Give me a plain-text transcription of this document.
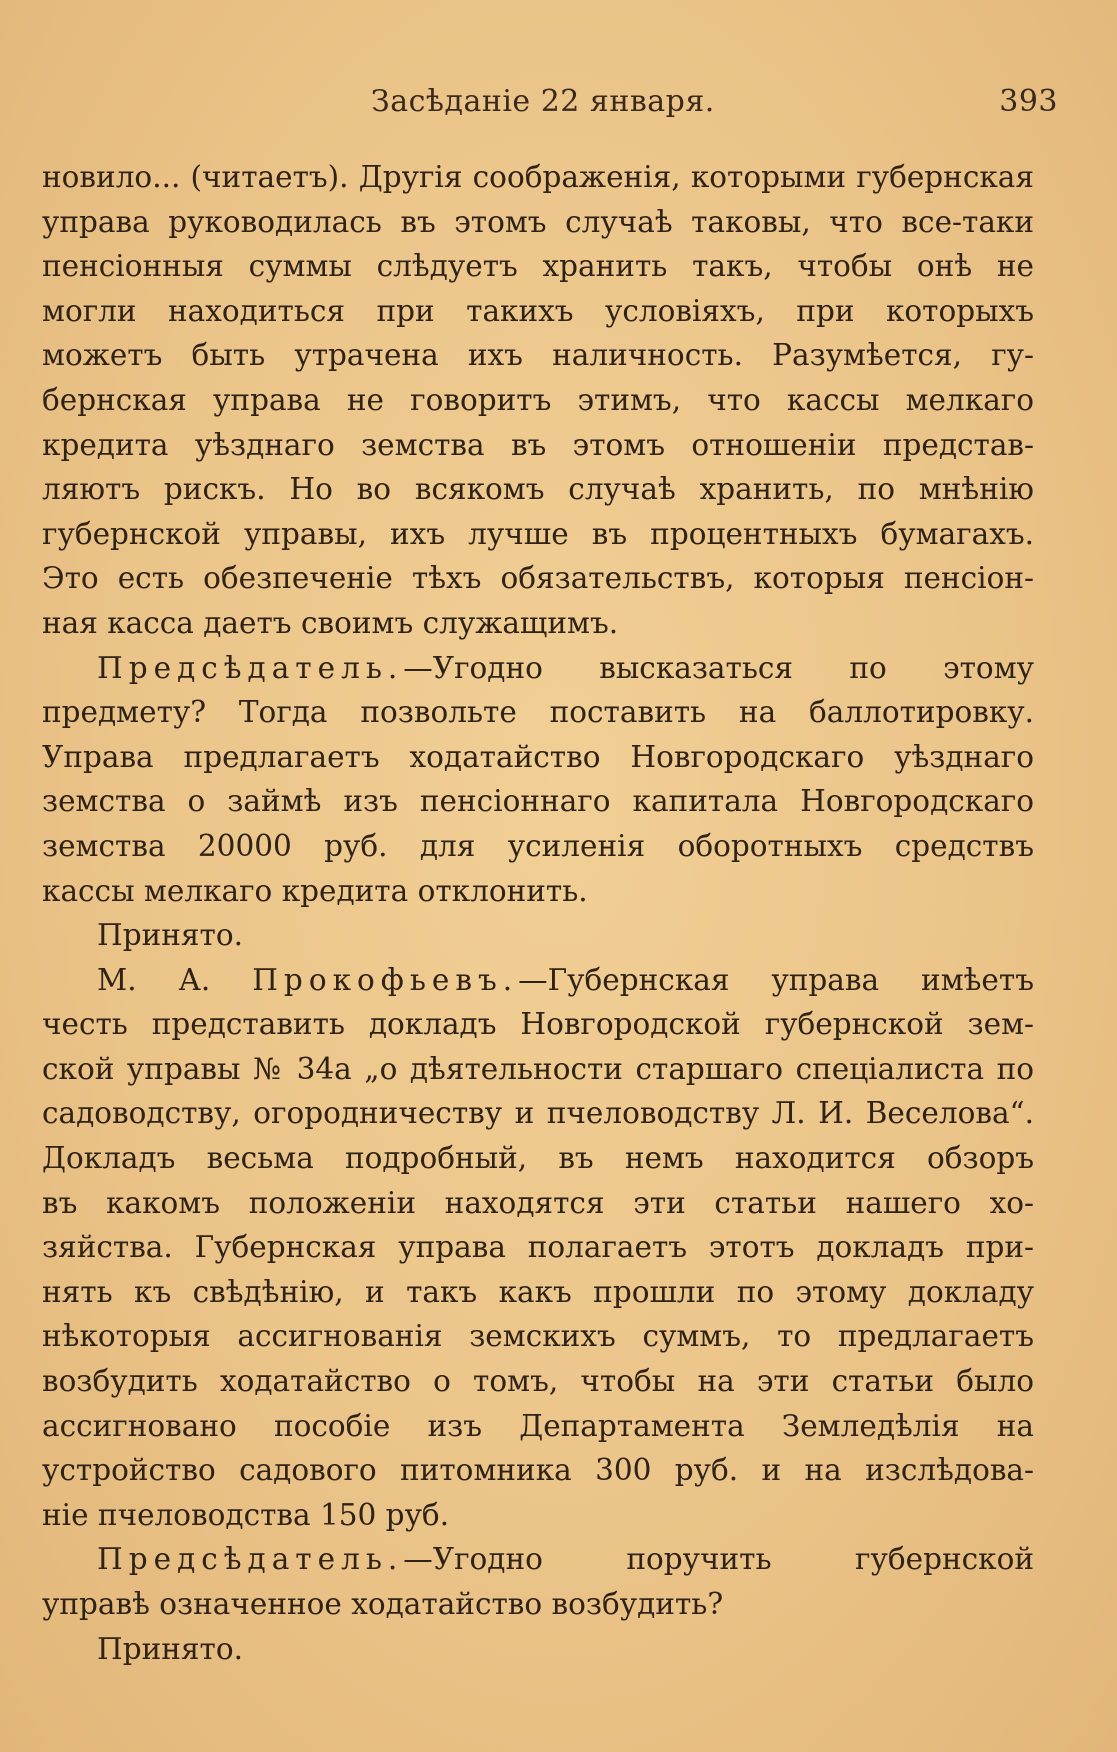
Засѣданіе 22 января.	393

новило... (читаетъ). Другія соображенія, которыми губернская

управа руководилась въ этомъ случаѣ таковы, что все-таки

пенсіонныя суммы слѣдуетъ хранить такъ, чтобы онѣ не

могли находиться при такихъ условіяхъ, при которыхъ

можетъ быть утрачена ихъ наличность. Разумѣется, гу-

бернская управа не говоритъ этимъ, что кассы мелкаго

кредита уѣзднаго земства въ этомъ отношеніи представ-

ляютъ рискъ. Но во всякомъ случаѣ хранить, по мнѣнію

губернской управы, ихъ лучше въ процентныхъ бумагахъ.

Это есть обезпеченіе тѣхъ обязательствъ, которыя пенсіон-

ная касса даетъ своимъ служащимъ.

Предсѣдатель.—Угодно высказаться по этому

предмету? Тогда позвольте поставить на баллотировку.

Управа предлагаетъ ходатайство Новгородскаго уѣзднаго

земства о займѣ изъ пенсіоннаго капитала Новгородскаго

земства 20000 руб. для усиленія оборотныхъ средствъ

кассы мелкаго кредита отклонить.

Принято.

М. А. Прокофьевъ.—Губернская управа имѣетъ

честь представить докладъ Новгородской губернской зем-

ской управы № 34а „о дѣятельности старшаго спеціалиста по

садоводству, огородничеству и пчеловодству Л. И. Веселова“.

Докладъ весьма подробный, въ немъ находится обзоръ

въ какомъ положеніи находятся эти статьи нашего хо-

зяйства. Губернская управа полагаетъ этотъ докладъ при-

нять къ свѣдѣнію, и такъ какъ прошли по этому докладу

нѣкоторыя ассигнованія земскихъ суммъ, то предлагаетъ

возбудить ходатайство о томъ, чтобы на эти статьи было

ассигновано пособіе изъ Департамента Земледѣлія на

устройство садового питомника 300 руб. и на изслѣдова-

ніе пчеловодства 150 руб.

Предсѣдатель.—Угодно поручить губернской

управѣ означенное ходатайство возбудить?

Принято.
